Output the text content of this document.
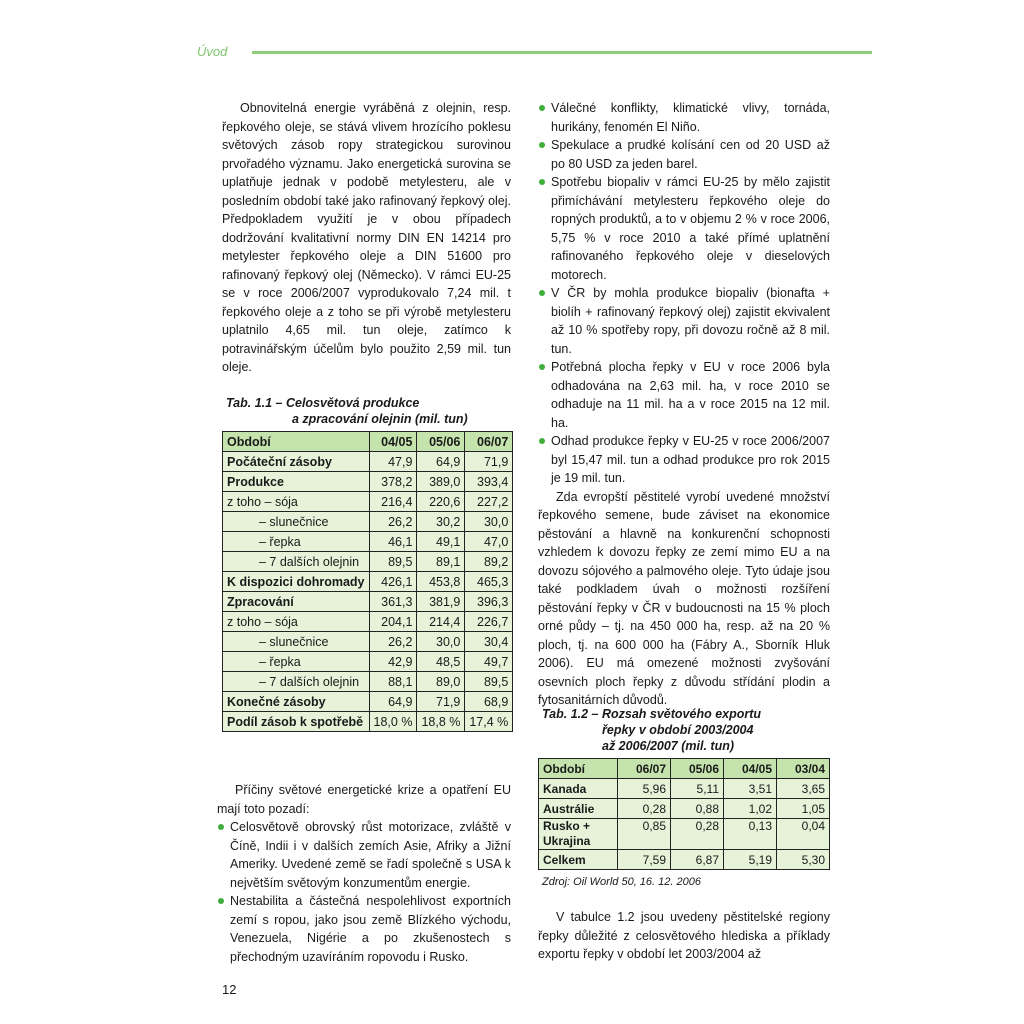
Úvod

Obnovitelná energie vyráběná z olejnin, resp. řepkového oleje, se stává vlivem hrozícího poklesu světových zásob ropy strategickou surovinou prvořadého významu. Jako energetická surovina se uplatňuje jednak v podobě metylesteru, ale v posledním období také jako rafinovaný řepkový olej. Předpokladem využití je v obou případech dodržování kvalitativní normy DIN EN 14214 pro metylester řepkového oleje a DIN 51600 pro rafinovaný řepkový olej (Německo). V rámci EU-25 se v roce 2006/2007 vyprodukovalo 7,24 mil. t řepkového oleje a z toho se při výrobě metylesteru uplatnilo 4,65 mil. tun oleje, zatímco k potravinářským účelům bylo použito 2,59 mil. tun oleje.

Tab. 1.1 – Celosvětová produkce
a zpracování olejnin (mil. tun)
Období	04/05	05/06	06/07
Počáteční zásoby	47,9	64,9	71,9
Produkce	378,2	389,0	393,4
z toho – sója	216,4	220,6	227,2
– slunečnice	26,2	30,2	30,0
– řepka	46,1	49,1	47,0
– 7 dalších olejnin	89,5	89,1	89,2
K dispozici dohromady	426,1	453,8	465,3
Zpracování	361,3	381,9	396,3
z toho – sója	204,1	214,4	226,7
– slunečnice	26,2	30,0	30,4
– řepka	42,9	48,5	49,7
– 7 dalších olejnin	88,1	89,0	89,5
Konečné zásoby	64,9	71,9	68,9
Podíl zásob k spotřebě	18,0 %	18,8 %	17,4 %

Příčiny světové energetické krize a opatření EU mají toto pozadí:

Celosvětově obrovský růst motorizace, zvláště v Číně, Indii i v dalších zemích Asie, Afriky a Jižní Ameriky. Uvedené země se řadí společně s USA k největším světovým konzumentům energie.
Nestabilita a částečná nespolehlivost exportních zemí s ropou, jako jsou země Blízkého východu, Venezuela, Nigérie a po zkušenostech s přechodným uzavíráním ropovodu i Rusko.
12
Válečné konflikty, klimatické vlivy, tornáda, hurikány, fenomén El Niño.
Spekulace a prudké kolísání cen od 20 USD až po 80 USD za jeden barel.
Spotřebu biopaliv v rámci EU-25 by mělo zajistit přimíchávání metylesteru řepkového oleje do ropných produktů, a to v objemu 2 % v roce 2006, 5,75 % v roce 2010 a také přímé uplatnění rafinovaného řepkového oleje v dieselových motorech.
V ČR by mohla produkce biopaliv (bionafta + biolíh + rafinovaný řepkový olej) zajistit ekvivalent až 10 % spotřeby ropy, při dovozu ročně až 8 mil. tun.
Potřebná plocha řepky v EU v roce 2006 byla odhadována na 2,63 mil. ha, v roce 2010 se odhaduje na 11 mil. ha a v roce 2015 na 12 mil. ha.
Odhad produkce řepky v EU-25 v roce 2006/2007 byl 15,47 mil. tun a odhad produkce pro rok 2015 je 19 mil. tun.

Zda evropští pěstitelé vyrobí uvedené množství řepkového semene, bude záviset na ekonomice pěstování a hlavně na konkurenční schopnosti vzhledem k dovozu řepky ze zemí mimo EU a na dovozu sójového a palmového oleje. Tyto údaje jsou také podkladem úvah o možnosti rozšíření pěstování řepky v ČR v budoucnosti na 15 % ploch orné půdy – tj. na 450 000 ha, resp. až na 20 % ploch, tj. na 600 000 ha (Fábry A., Sborník Hluk 2006). EU má omezené možnosti zvyšování osevních ploch řepky z důvodu střídání plodin a fytosanitárních důvodů.

Tab. 1.2 – Rozsah světového exportu
řepky v období 2003/2004
až 2006/2007 (mil. tun)
Období	06/07	05/06	04/05	03/04
Kanada	5,96	5,11	3,51	3,65
Austrálie	0,28	0,88	1,02	1,05
Rusko + Ukrajina	0,85	0,28	0,13	0,04
Celkem	7,59	6,87	5,19	5,30
Zdroj: Oil World 50, 16. 12. 2006

V tabulce 1.2 jsou uvedeny pěstitelské regiony řepky důležité z celosvětového hlediska a příklady exportu řepky v období let 2003/2004 až
